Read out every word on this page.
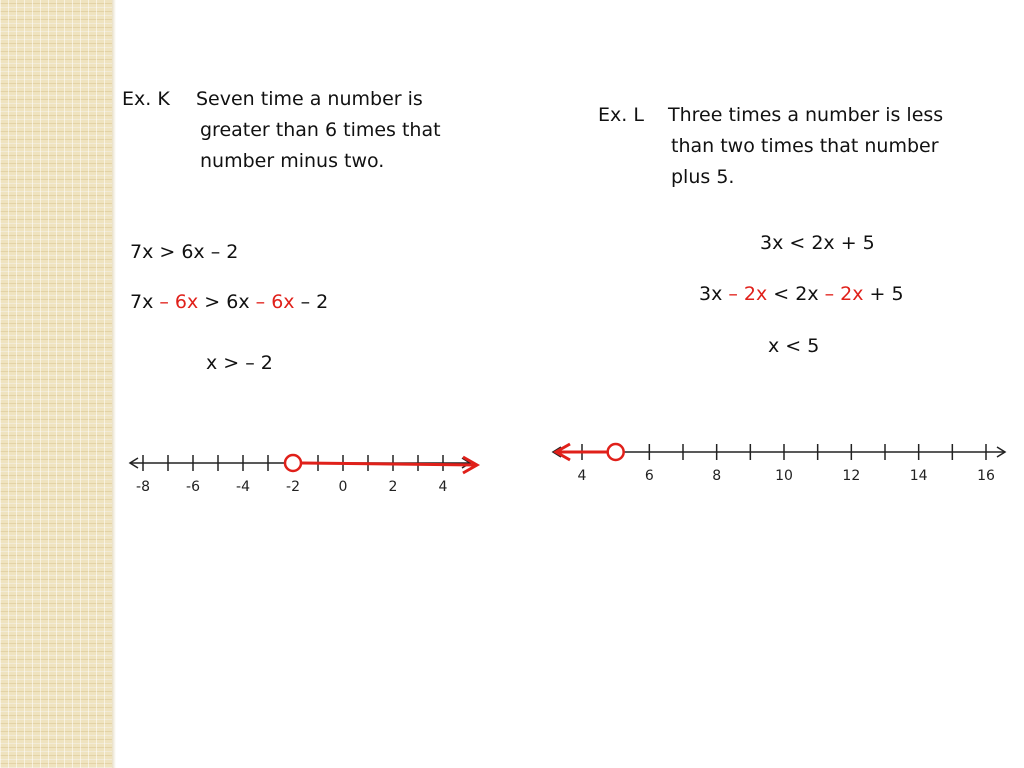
Ex. K Seven time a number is
greater than 6 times that
number minus two.
7x > 6x – 2
7x – 6x > 6x – 6x – 2
x > – 2
-8	-6	-4	-2	0	2	4
Ex. L Three times a number is less
than two times that number
plus 5.
3x < 2x + 5
3x – 2x < 2x – 2x + 5
x < 5
4	6	8	10	12	14	16
